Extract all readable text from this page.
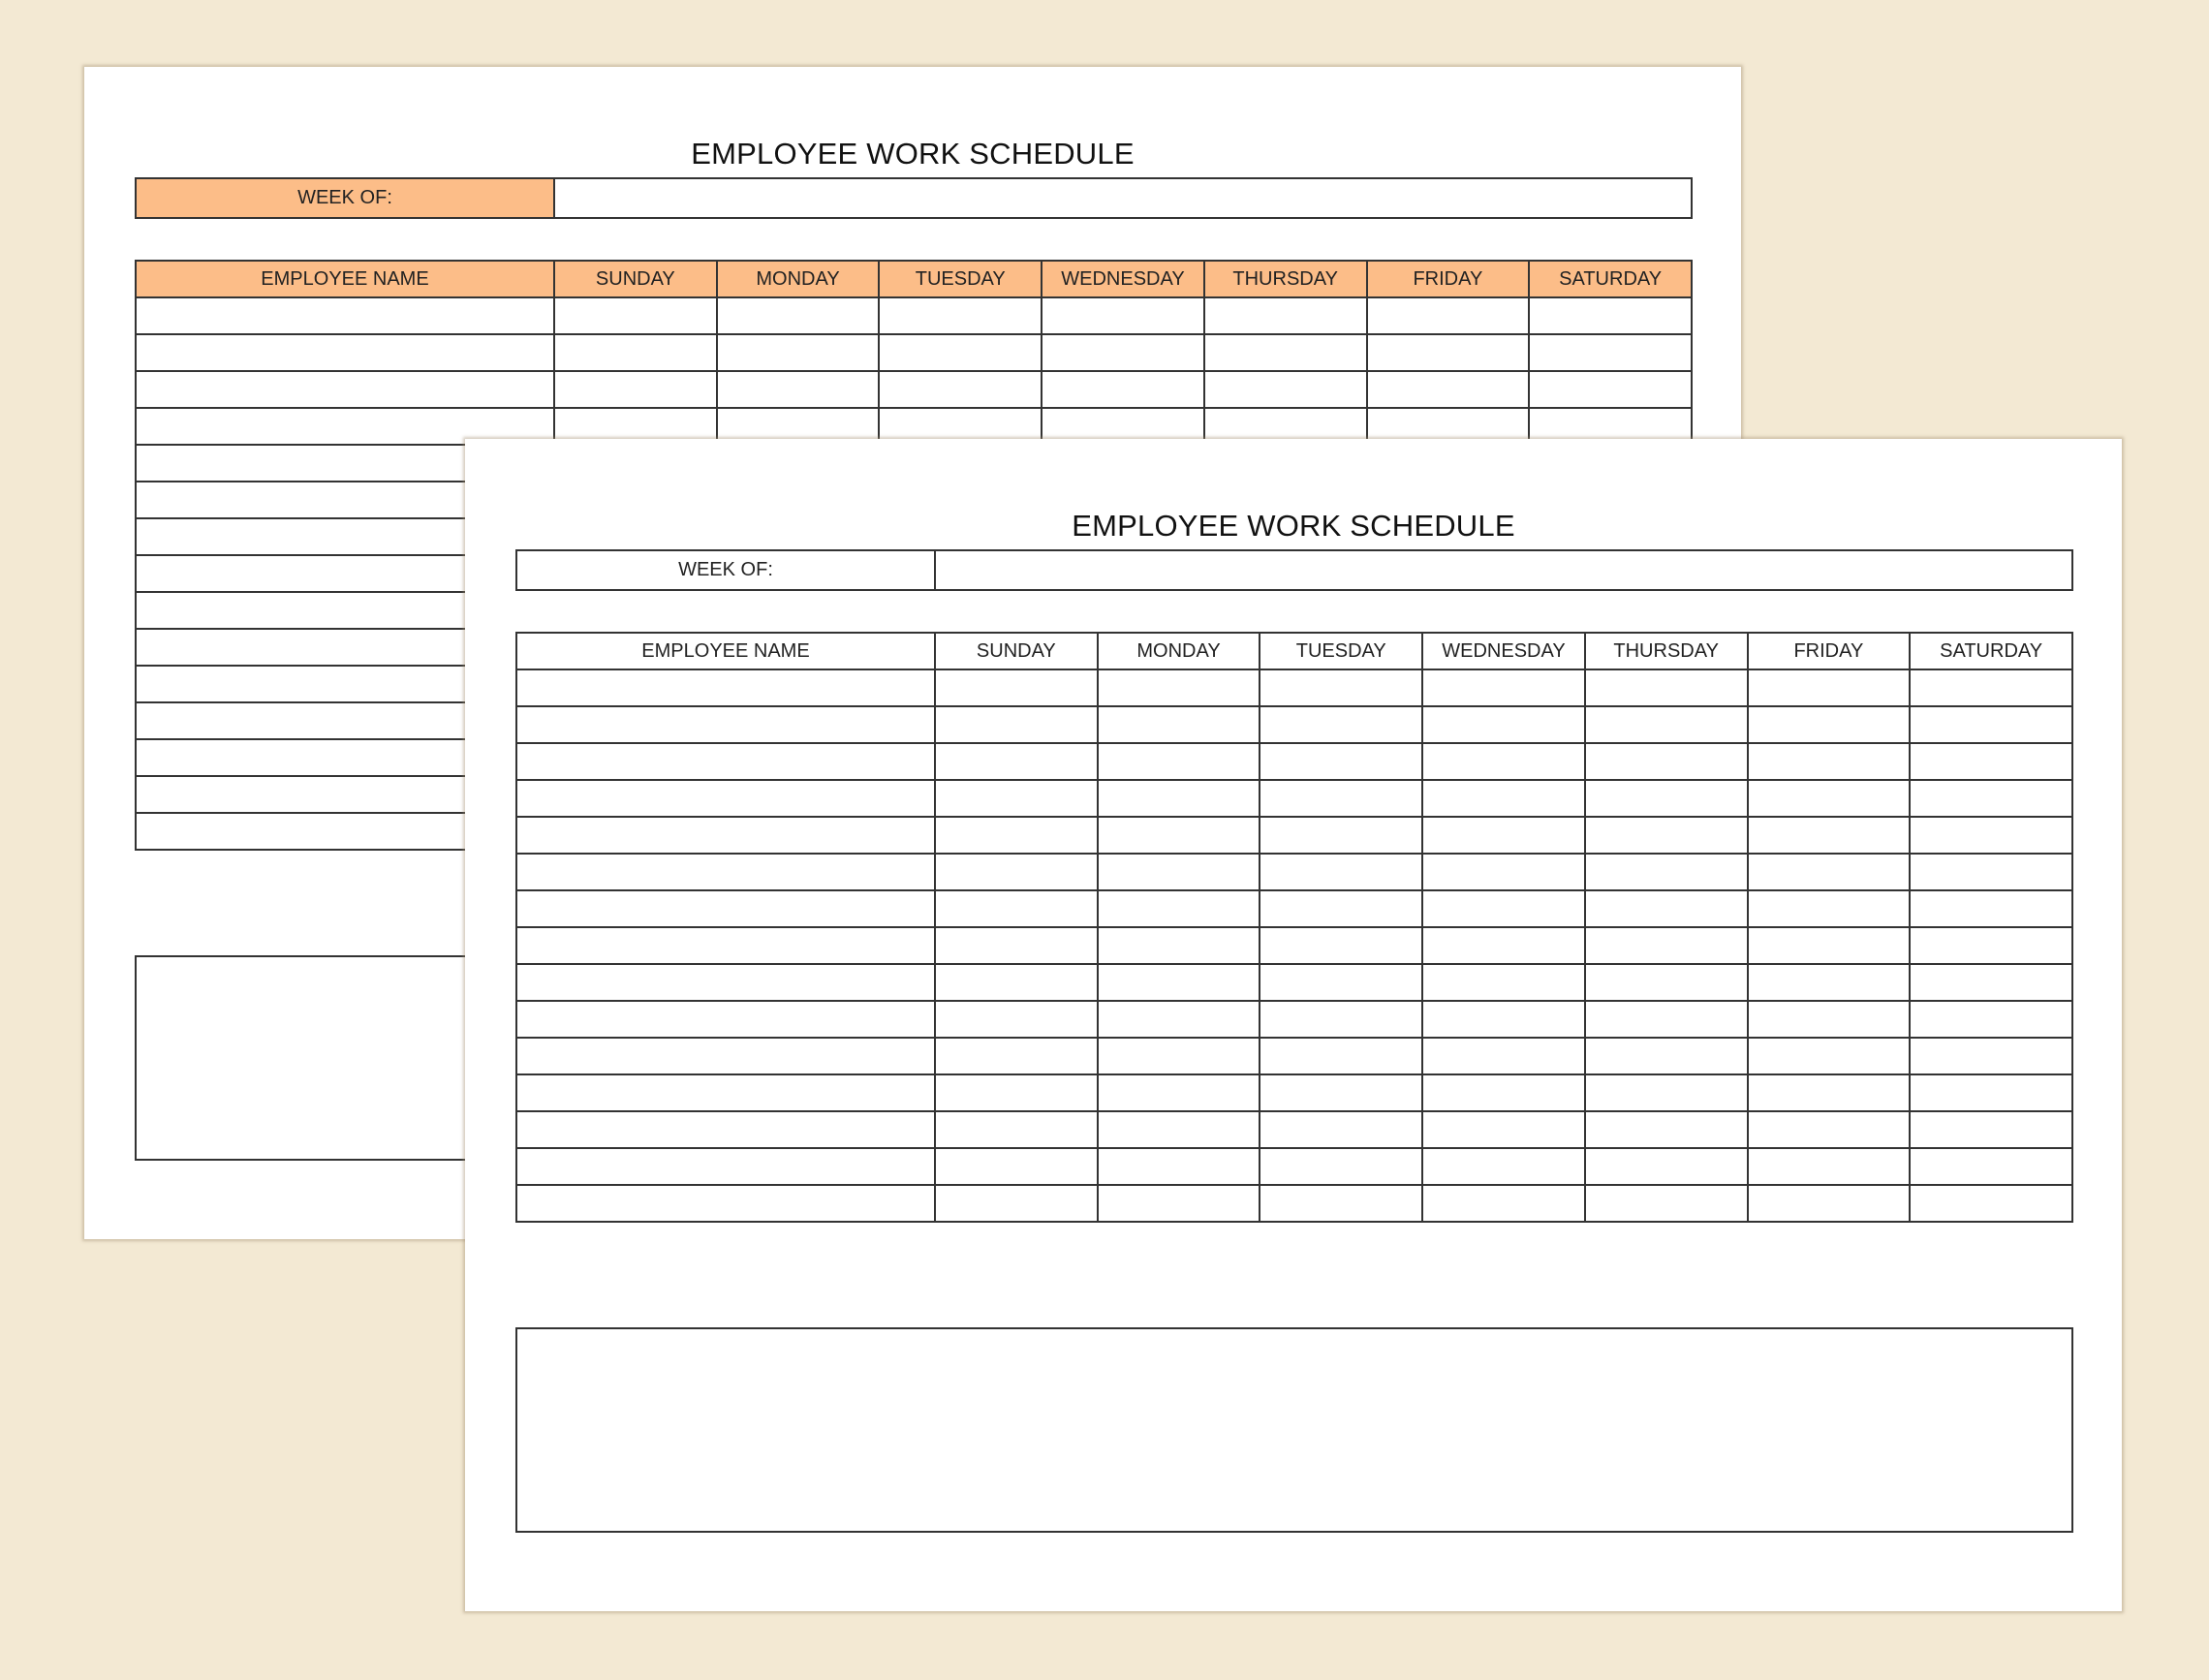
EMPLOYEE WORK SCHEDULE
WEEK OF:
EMPLOYEE NAME	SUNDAY	MONDAY	TUESDAY	WEDNESDAY	THURSDAY	FRIDAY	SATURDAY

EMPLOYEE WORK SCHEDULE
WEEK OF:
EMPLOYEE NAME	SUNDAY	MONDAY	TUESDAY	WEDNESDAY	THURSDAY	FRIDAY	SATURDAY
